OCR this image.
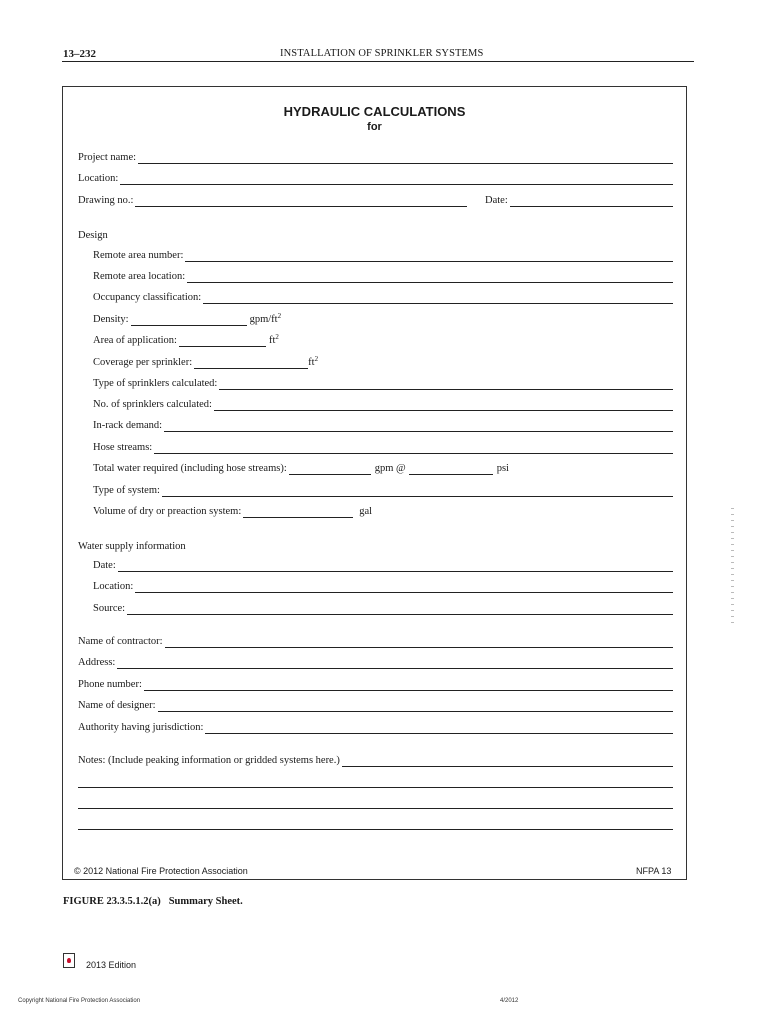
13–232	INSTALLATION OF SPRINKLER SYSTEMS
HYDRAULIC CALCULATIONS
for
Project name:
Location:
Drawing no.:	Date:
Design
Remote area number:
Remote area location:
Occupancy classification:
Density:	gpm/$ft^2$
Area of application:	$ft^2$
Coverage per sprinkler:	$ft^2$
Type of sprinklers calculated:
No. of sprinklers calculated:
In-rack demand:
Hose streams:
Total water required (including hose streams):	gpm @	psi
Type of system:
Volume of dry or preaction system:	gal
Water supply information
Date:
Location:
Source:
Name of contractor:
Address:
Phone number:
Name of designer:
Authority having jurisdiction:
Notes: (Include peaking information or gridded systems here.)
© 2012 National Fire Protection Association	NFPA 13
FIGURE 23.3.5.1.2(a) Summary Sheet.
2013 Edition
Copyright National Fire Protection Association	4/2012
